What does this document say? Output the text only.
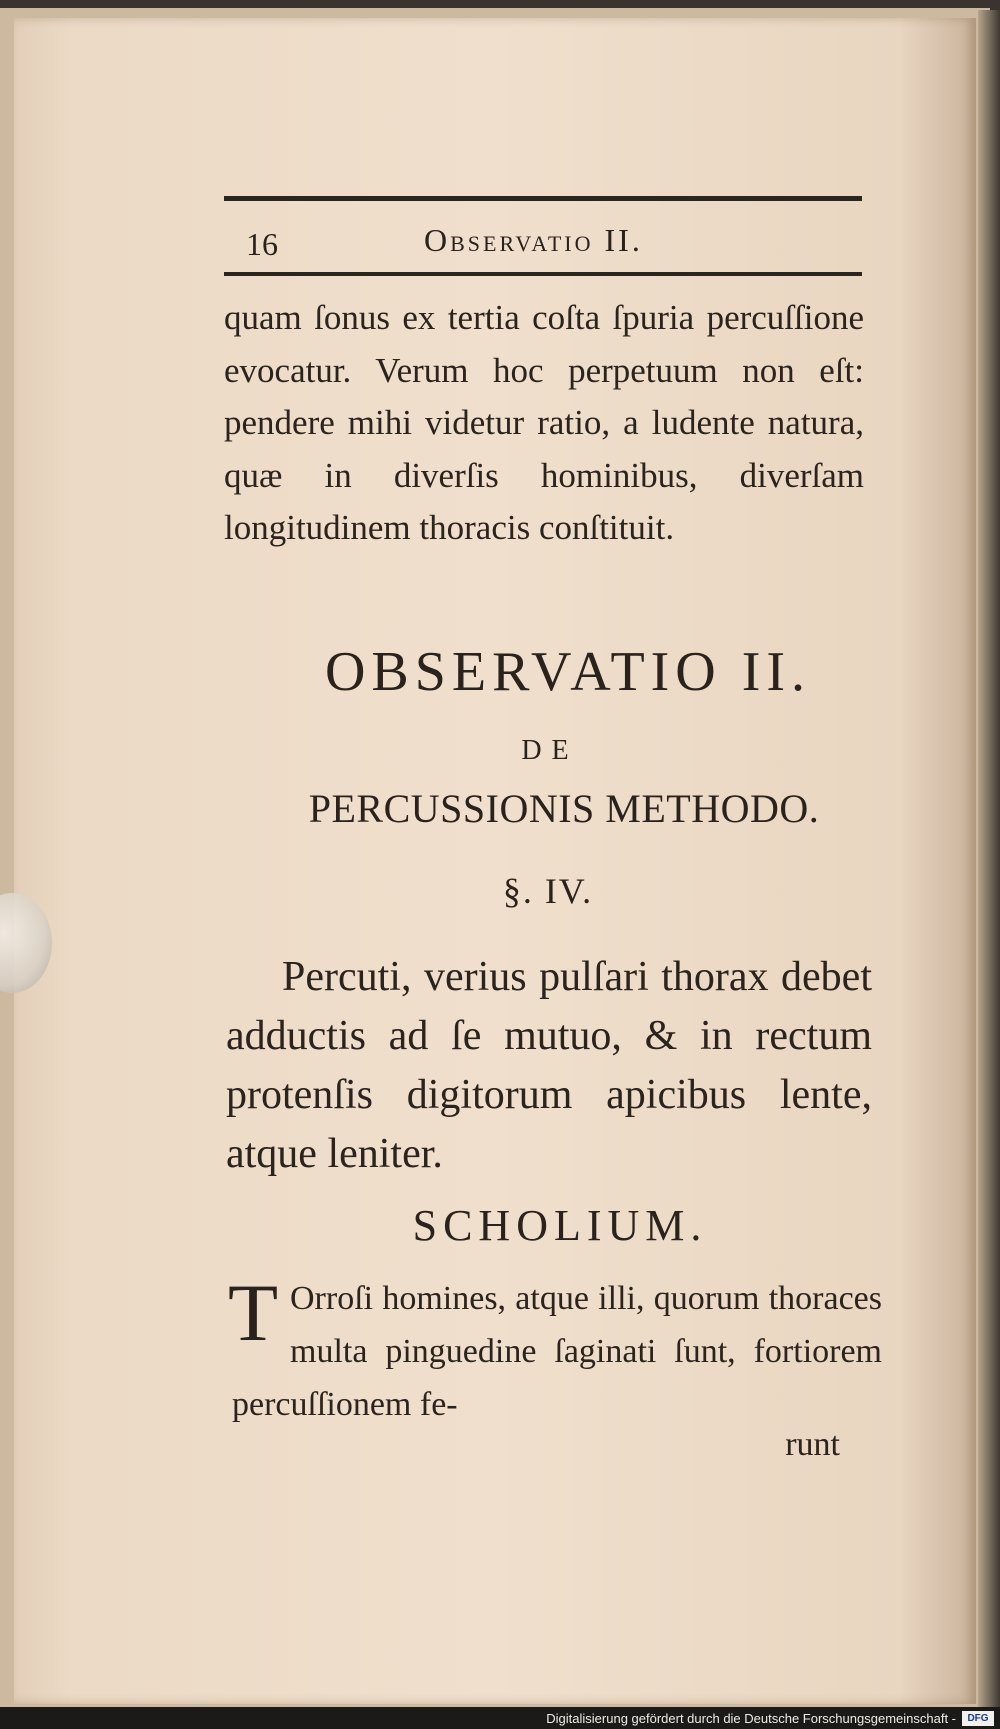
16	Observatio II.
quam ſonus ex tertia coſta ſpuria percuſſione evocatur. Verum hoc perpetuum non eſt: pendere mihi videtur ratio, a ludente natura, quæ in diverſis hominibus, diverſam longitudinem thoracis conſtituit.
OBSERVATIO II.
DE
PERCUSSIONIS METHODO.
§. IV.
Percuti, verius pulſari thorax debet adductis ad ſe mutuo, & in rectum protenſis digitorum apicibus lente, atque leniter.
SCHOLIUM.
T Orroſi homines, atque illi, quorum thoraces multa pinguedine ſaginati ſunt, fortiorem percuſſionem fe-
runt
Digitalisierung gefördert durch die Deutsche Forschungsgemeinschaft -	DFG
